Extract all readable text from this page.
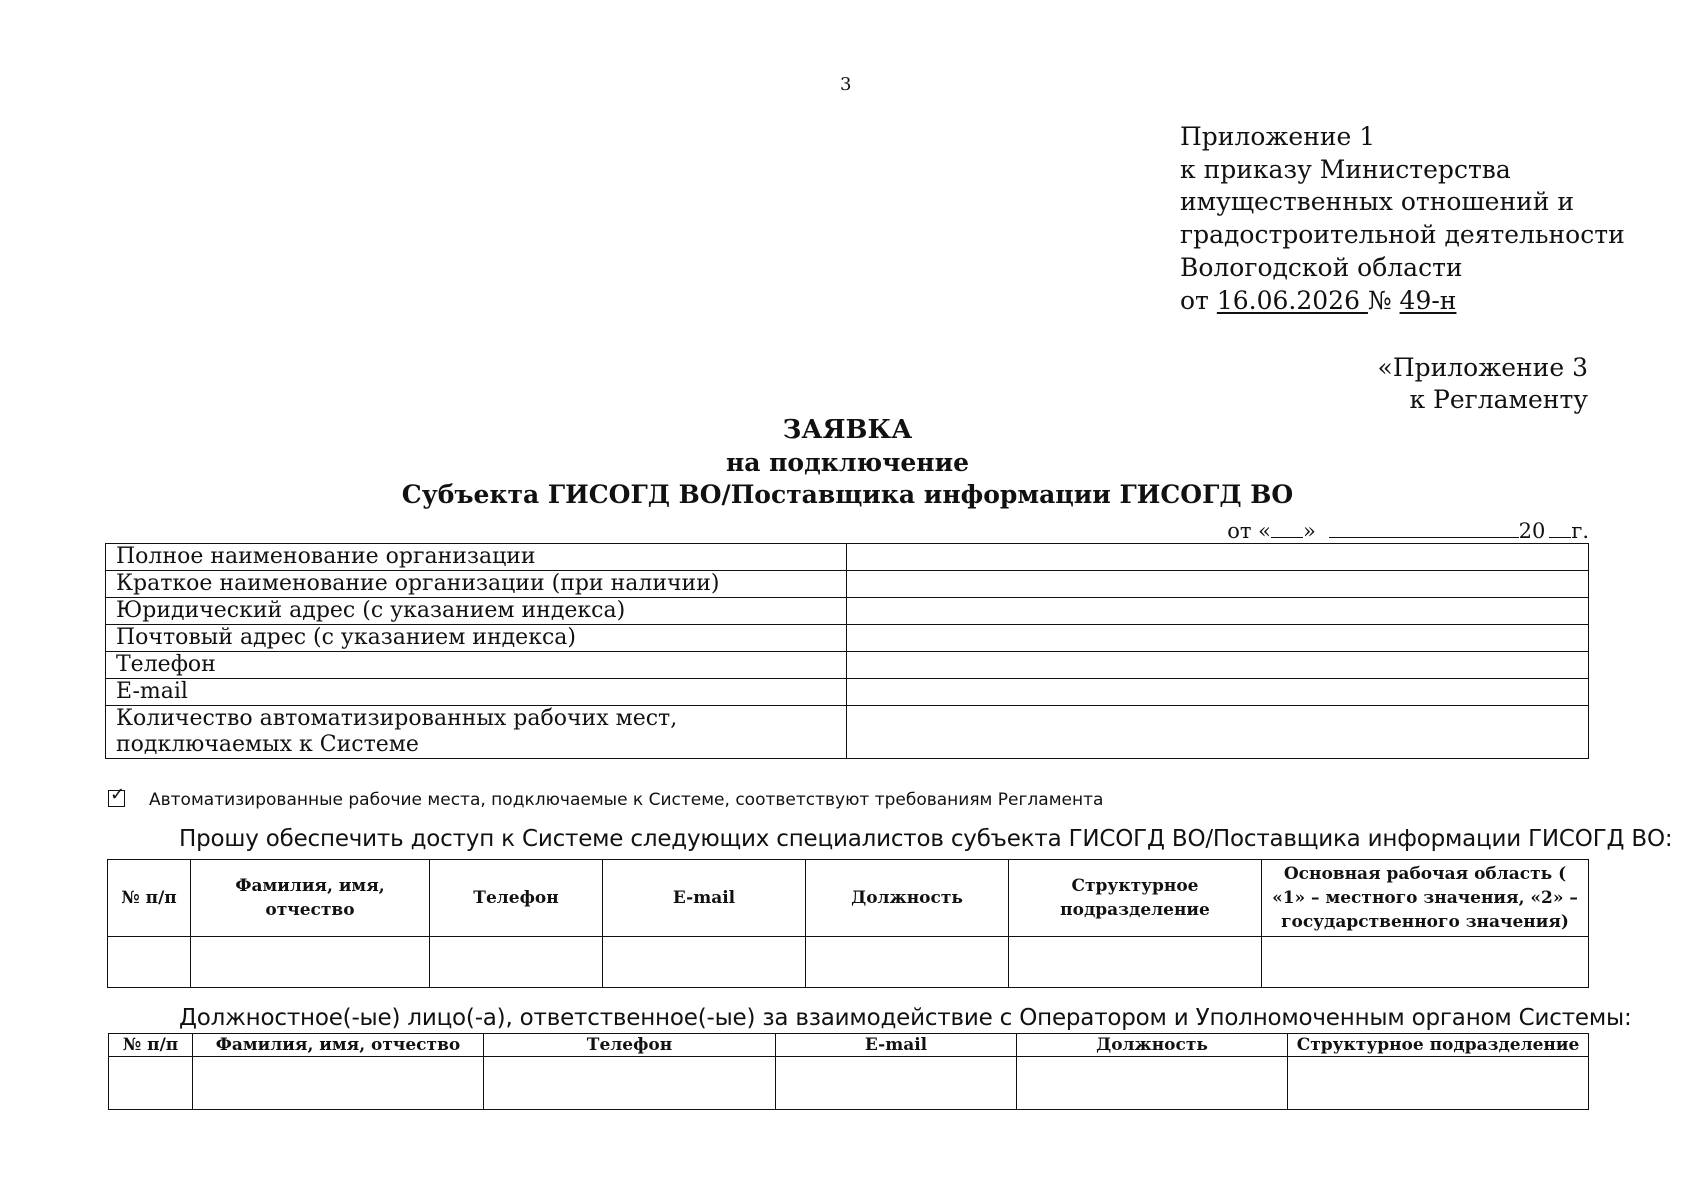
3
Приложение 1
к приказу Министерства
имущественных отношений и
градостроительной деятельности
Вологодской области
от 16.06.2026 № 49-н
«Приложение 3
к Регламенту
ЗАЯВКА
на подключение
Субъекта ГИСОГД ВО/Поставщика информации ГИСОГД ВО
от « »	20 г.
Полное наименование организации	
Краткое наименование организации (при наличии)	
Юридический адрес (с указанием индекса)	
Почтовый адрес (с указанием индекса)	
Телефон	
E-mail	
Количество автоматизированных рабочих мест, подключаемых к Системе	
✓Автоматизированные рабочие места, подключаемые к Системе, соответствуют требованиям Регламента
Прошу обеспечить доступ к Системе следующих специалистов субъекта ГИСОГД ВО/Поставщика информации ГИСОГД ВО:
№ п/п	Фамилия, имя, отчество	Телефон	E-mail	Должность	Структурное подразделение	Основная рабочая область ( «1» – местного значения, «2» – государственного значения)

Должностное(-ые) лицо(-а), ответственное(-ые) за взаимодействие с Оператором и Уполномоченным органом Системы:
№ п/п	Фамилия, имя, отчество	Телефон	E-mail	Должность	Структурное подразделение
